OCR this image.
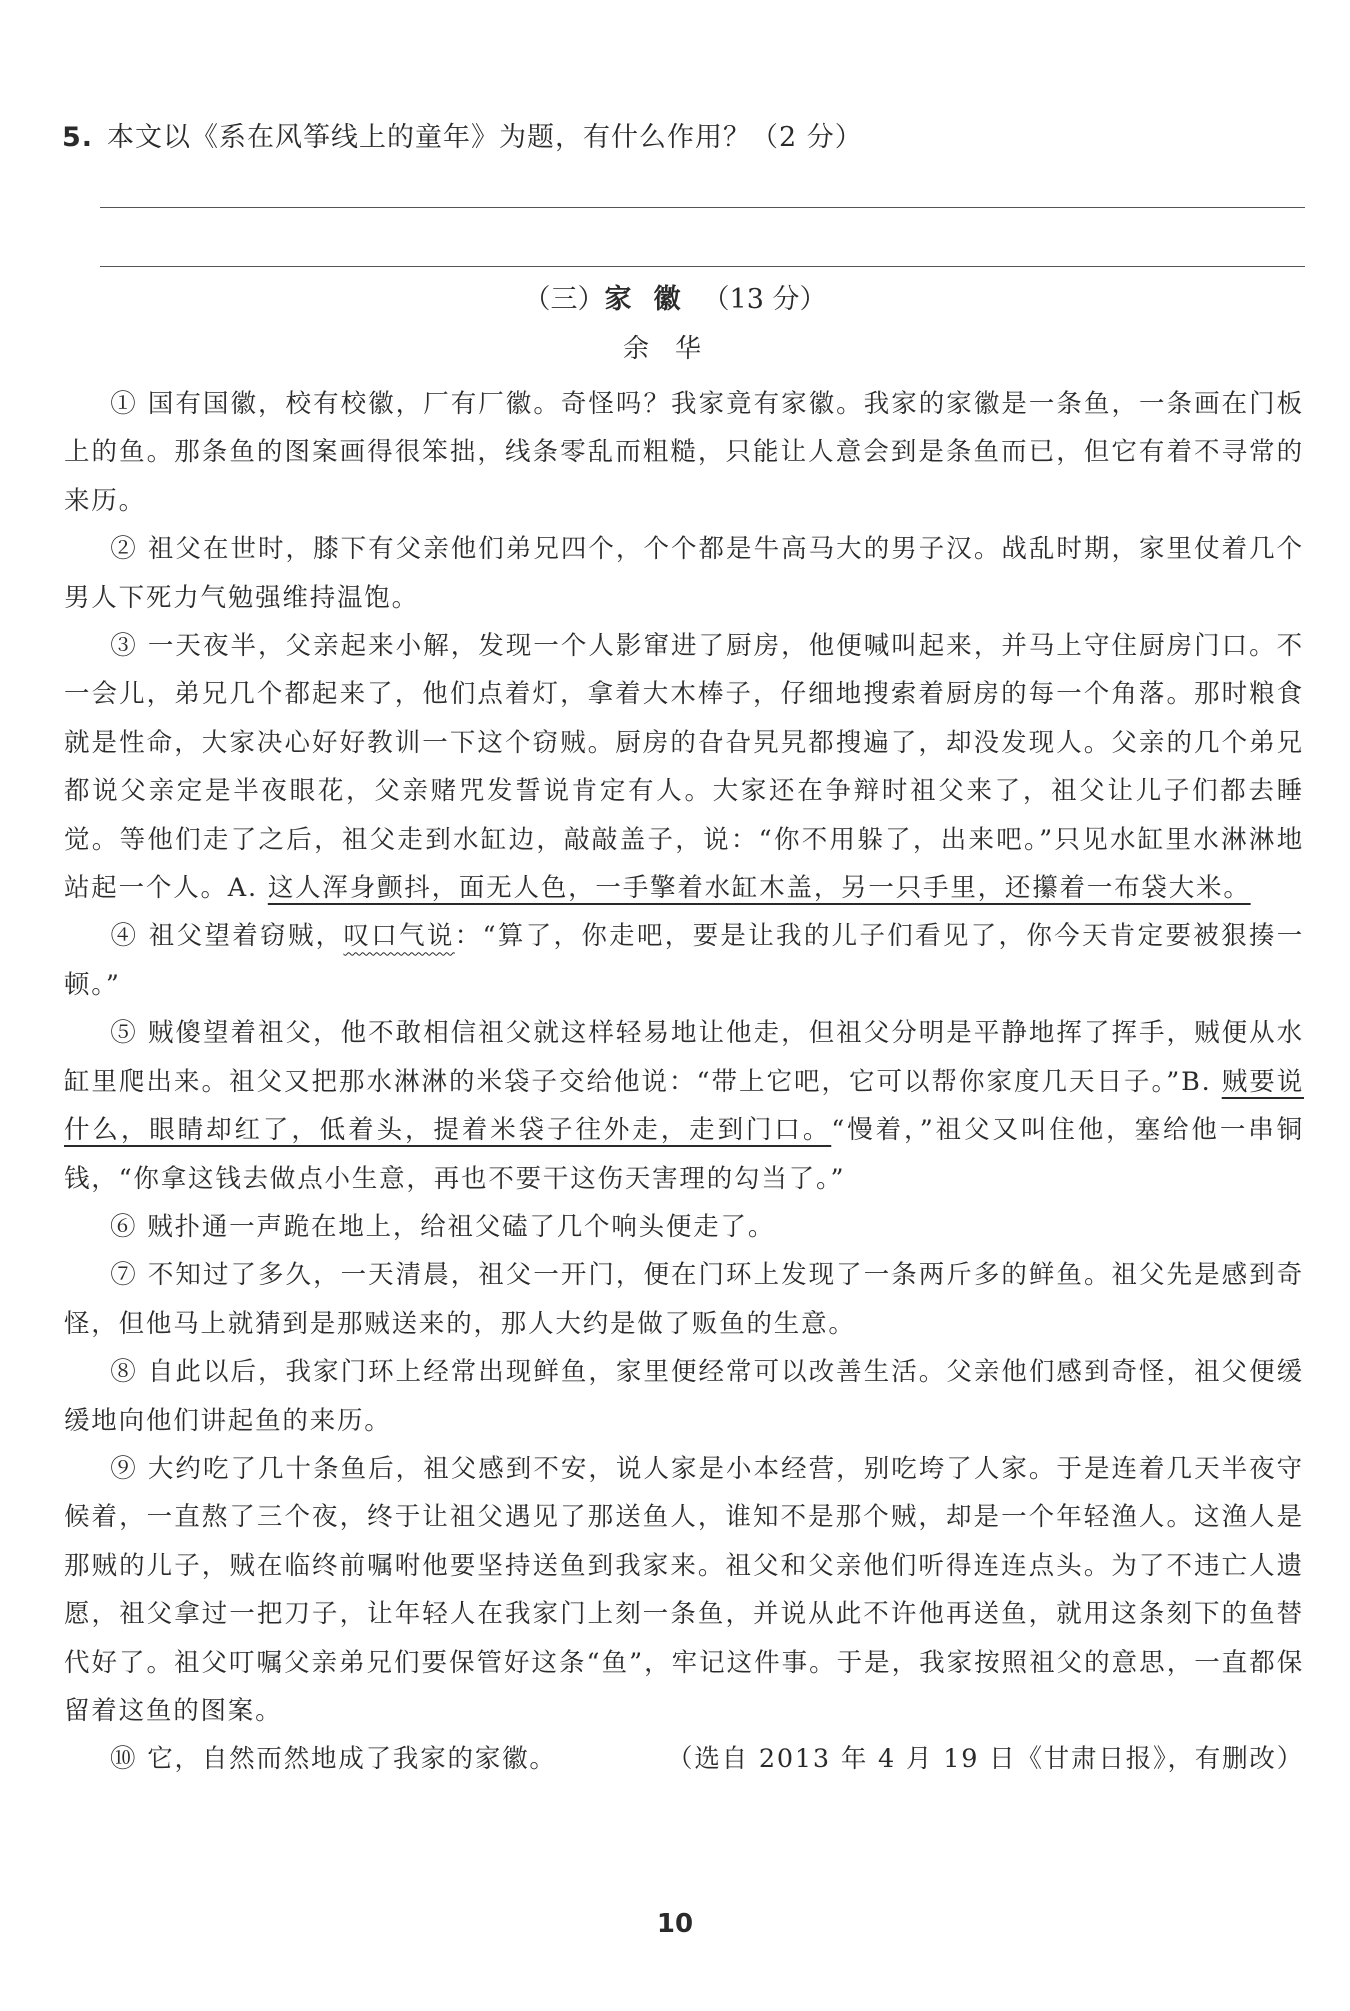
5. 本文以《系在风筝线上的童年》为题，有什么作用？（2 分）
（三）家徽（13 分）
余华

① 国有国徽，校有校徽，厂有厂徽。奇怪吗？我家竟有家徽。我家的家徽是一条鱼，一条画在门板上的鱼。那条鱼的图案画得很笨拙，线条零乱而粗糙，只能让人意会到是条鱼而已，但它有着不寻常的来历。

② 祖父在世时，膝下有父亲他们弟兄四个，个个都是牛高马大的男子汉。战乱时期，家里仗着几个男人下死力气勉强维持温饱。

③ 一天夜半，父亲起来小解，发现一个人影窜进了厨房，他便喊叫起来，并马上守住厨房门口。不一会儿，弟兄几个都起来了，他们点着灯，拿着大木棒子，仔细地搜索着厨房的每一个角落。那时粮食就是性命，大家决心好好教训一下这个窃贼。厨房的旮旮旯旯都搜遍了，却没发现人。父亲的几个弟兄都说父亲定是半夜眼花，父亲赌咒发誓说肯定有人。大家还在争辩时祖父来了，祖父让儿子们都去睡觉。等他们走了之后，祖父走到水缸边，敲敲盖子，说：“你不用躲了，出来吧。”只见水缸里水淋淋地站起一个人。A. 这人浑身颤抖，面无人色，一手擎着水缸木盖，另一只手里，还攥着一布袋大米。

④ 祖父望着窃贼，叹口气说：“算了，你走吧，要是让我的儿子们看见了，你今天肯定要被狠揍一顿。”

⑤ 贼傻望着祖父，他不敢相信祖父就这样轻易地让他走，但祖父分明是平静地挥了挥手，贼便从水缸里爬出来。祖父又把那水淋淋的米袋子交给他说：“带上它吧，它可以帮你家度几天日子。”B. 贼要说什么，眼睛却红了，低着头，提着米袋子往外走，走到门口。“慢着，”祖父又叫住他，塞给他一串铜钱，“你拿这钱去做点小生意，再也不要干这伤天害理的勾当了。”

⑥ 贼扑通一声跪在地上，给祖父磕了几个响头便走了。

⑦ 不知过了多久，一天清晨，祖父一开门，便在门环上发现了一条两斤多的鲜鱼。祖父先是感到奇怪，但他马上就猜到是那贼送来的，那人大约是做了贩鱼的生意。

⑧ 自此以后，我家门环上经常出现鲜鱼，家里便经常可以改善生活。父亲他们感到奇怪，祖父便缓缓地向他们讲起鱼的来历。

⑨ 大约吃了几十条鱼后，祖父感到不安，说人家是小本经营，别吃垮了人家。于是连着几天半夜守候着，一直熬了三个夜，终于让祖父遇见了那送鱼人，谁知不是那个贼，却是一个年轻渔人。这渔人是那贼的儿子，贼在临终前嘱咐他要坚持送鱼到我家来。祖父和父亲他们听得连连点头。为了不违亡人遗愿，祖父拿过一把刀子，让年轻人在我家门上刻一条鱼，并说从此不许他再送鱼，就用这条刻下的鱼替代好了。祖父叮嘱父亲弟兄们要保管好这条“鱼”，牢记这件事。于是，我家按照祖父的意思，一直都保留着这鱼的图案。

⑩ 它，自然而然地成了我家的家徽。	（选自 2013 年 4 月 19 日《甘肃日报》，有删改）

10
